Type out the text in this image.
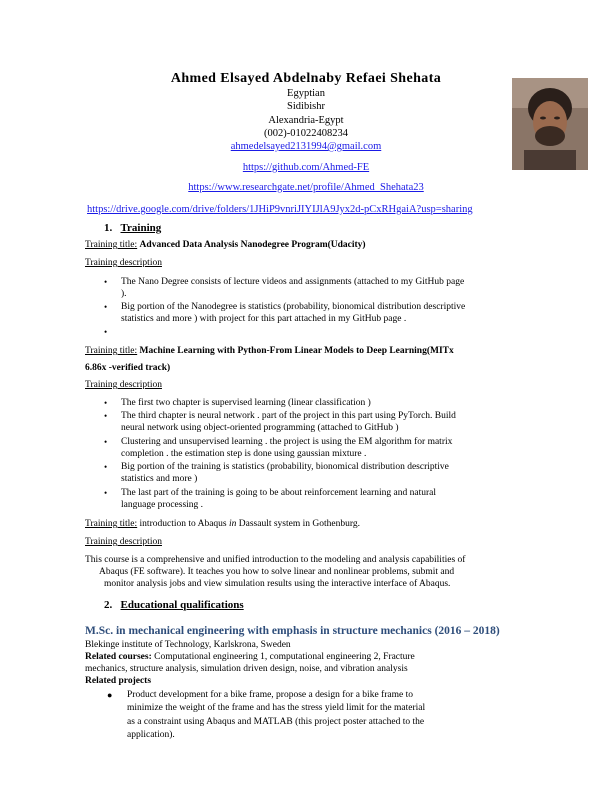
Ahmed Elsayed Abdelnaby Refaei Shehata
Egyptian
Sidibishr
Alexandria-Egypt
(002)-01022408234
ahmedelsayed2131994@gmail.com
https://github.com/Ahmed-FE
https://www.researchgate.net/profile/Ahmed_Shehata23
https://drive.google.com/drive/folders/1JHiP9vnriJIYIJlA9Jyx2d-pCxRHgaiA?usp=sharing
1. Training
Training title: Advanced Data Analysis Nanodegree Program(Udacity)
Training description
• The Nano Degree consists of lecture videos and assignments (attached to my GitHub page
).
• Big portion of the Nanodegree is statistics (probability, bionomical distribution descriptive
statistics and more ) with project for this part attached in my GitHub page .
•
Training title: Machine Learning with Python-From Linear Models to Deep Learning(MITx
6.86x -verified track)
Training description
• The first two chapter is supervised learning (linear classification )
• The third chapter is neural network . part of the project in this part using PyTorch. Build
neural network using object-oriented programming (attached to GitHub )
• Clustering and unsupervised learning . the project is using the EM algorithm for matrix
completion . the estimation step is done using gaussian mixture .
• Big portion of the training is statistics (probability, bionomical distribution descriptive
statistics and more )
• The last part of the training is going to be about reinforcement learning and natural
language processing .
Training title: introduction to Abaqus in Dassault system in Gothenburg.
Training description
This course is a comprehensive and unified introduction to the modeling and analysis capabilities of
Abaqus (FE software). It teaches you how to solve linear and nonlinear problems, submit and
monitor analysis jobs and view simulation results using the interactive interface of Abaqus.
2. Educational qualifications
M.Sc. in mechanical engineering with emphasis in structure mechanics (2016 – 2018)
Blekinge institute of Technology, Karlskrona, Sweden
Related courses: Computational engineering 1, computational engineering 2, Fracture
mechanics, structure analysis, simulation driven design, noise, and vibration analysis
Related projects
● Product development for a bike frame, propose a design for a bike frame to
minimize the weight of the frame and has the stress yield limit for the material
as a constraint using Abaqus and MATLAB (this project poster attached to the
application).
